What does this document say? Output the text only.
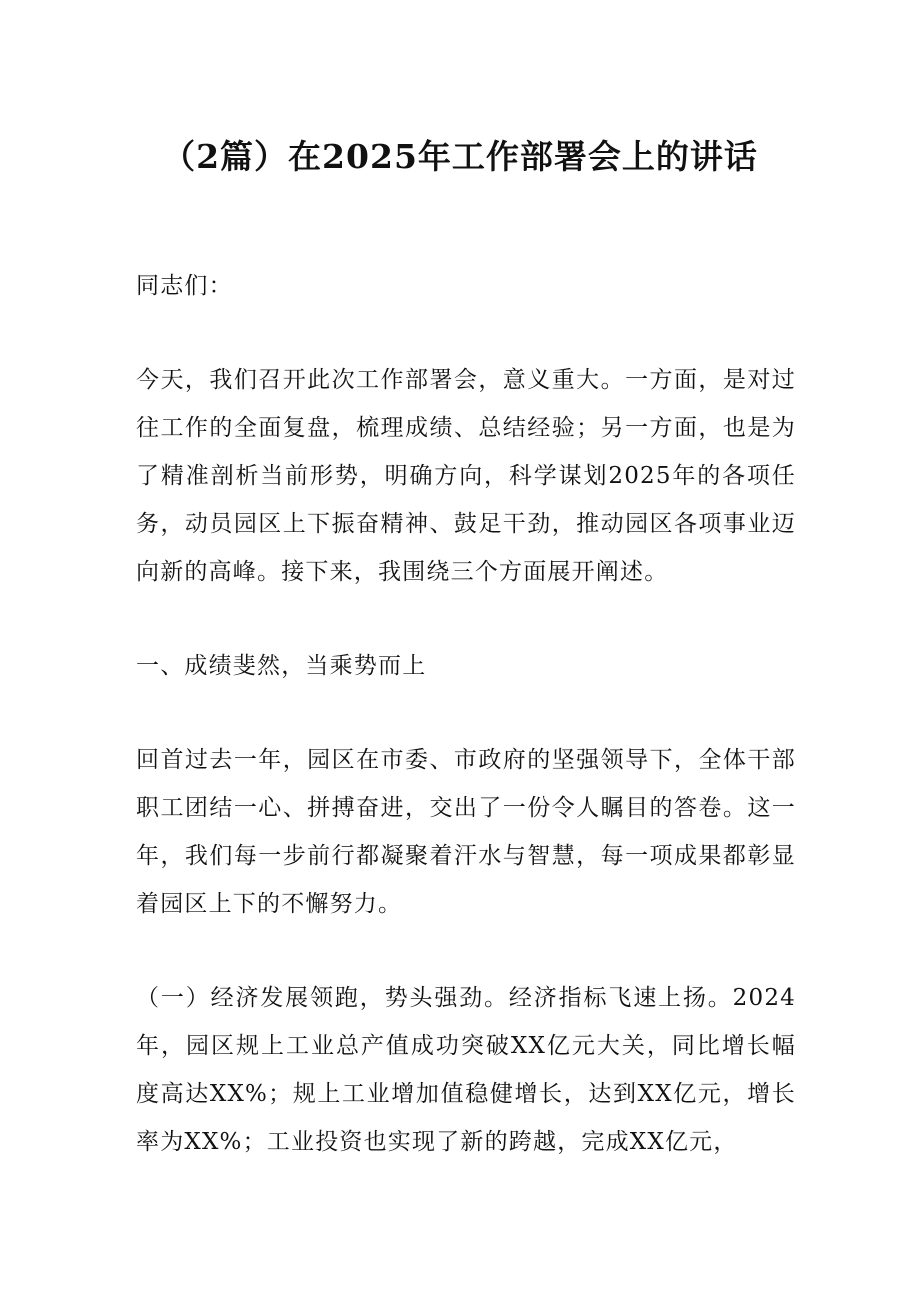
（2篇）在2025年工作部署会上的讲话

同志们：

今天，我们召开此次工作部署会，意义重大。一方面，是对过往工作的全面复盘，梳理成绩、总结经验；另一方面，也是为了精准剖析当前形势，明确方向，科学谋划2025年的各项任务，动员园区上下振奋精神、鼓足干劲，推动园区各项事业迈向新的高峰。接下来，我围绕三个方面展开阐述。

一、成绩斐然，当乘势而上

回首过去一年，园区在市委、市政府的坚强领导下，全体干部职工团结一心、拼搏奋进，交出了一份令人瞩目的答卷。这一年，我们每一步前行都凝聚着汗水与智慧，每一项成果都彰显着园区上下的不懈努力。

（一）经济发展领跑，势头强劲。经济指标飞速上扬。2024年，园区规上工业总产值成功突破XX亿元大关，同比增长幅度高达XX%；规上工业增加值稳健增长，达到XX亿元，增长率为XX%；工业投资也实现了新的跨越，完成XX亿元，
